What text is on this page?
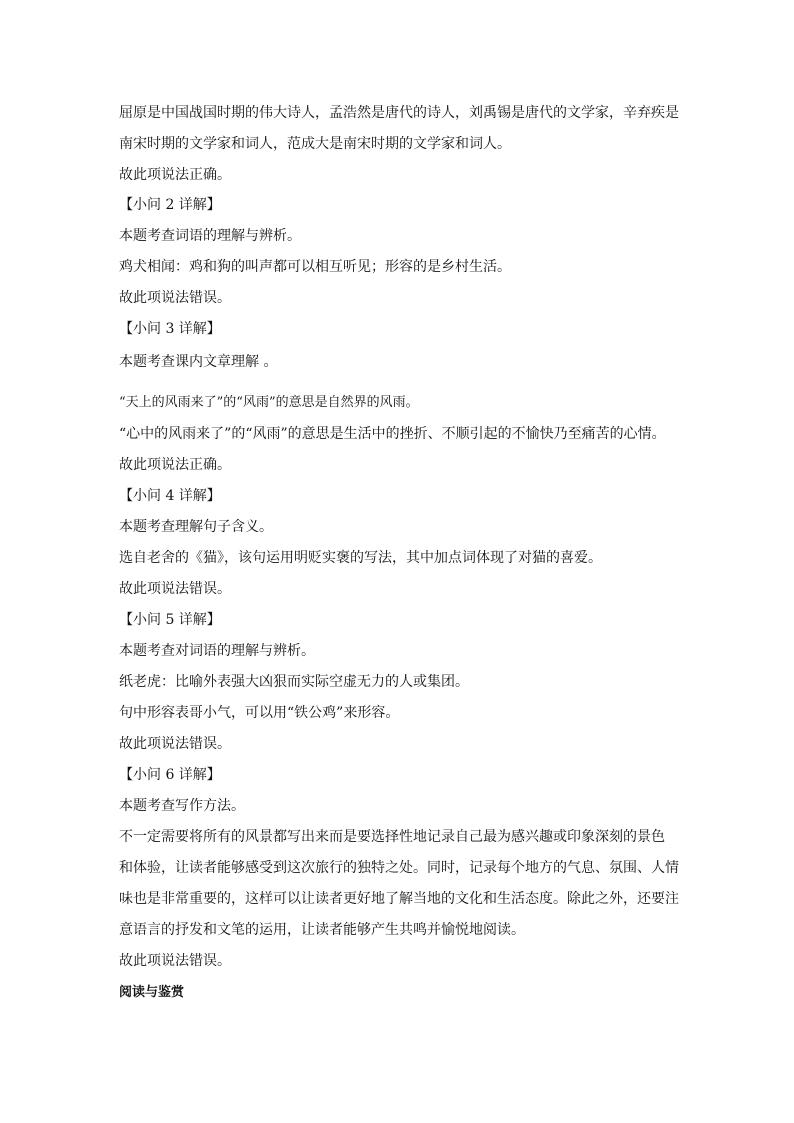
屈原是中国战国时期的伟大诗人，孟浩然是唐代的诗人，刘禹锡是唐代的文学家，辛弃疾是
南宋时期的文学家和词人，范成大是南宋时期的文学家和词人。
故此项说法正确。
【小问 2 详解】
本题考查词语的理解与辨析。
鸡犬相闻：鸡和狗的叫声都可以相互听见；形容的是乡村生活。
故此项说法错误。
【小问 3 详解】
本题考查课内文章理解 。
“天上的风雨来了”的“风雨”的意思是自然界的风雨。
“心中的风雨来了”的“风雨”的意思是生活中的挫折、不顺引起的不愉快乃至痛苦的心情。
故此项说法正确。
【小问 4 详解】
本题考查理解句子含义。
选自老舍的《猫》，该句运用明贬实褒的写法，其中加点词体现了对猫的喜爱。
故此项说法错误。
【小问 5 详解】
本题考查对词语的理解与辨析。
纸老虎：比喻外表强大凶狠而实际空虚无力的人或集团。
句中形容表哥小气，可以用“铁公鸡”来形容。
故此项说法错误。
【小问 6 详解】
本题考查写作方法。
不一定需要将所有的风景都写出来而是要选择性地记录自己最为感兴趣或印象深刻的景色
和体验，让读者能够感受到这次旅行的独特之处。同时，记录每个地方的气息、氛围、人情
味也是非常重要的，这样可以让读者更好地了解当地的文化和生活态度。除此之外，还要注
意语言的抒发和文笔的运用，让读者能够产生共鸣并愉悦地阅读。
故此项说法错误。
阅读与鉴赏
